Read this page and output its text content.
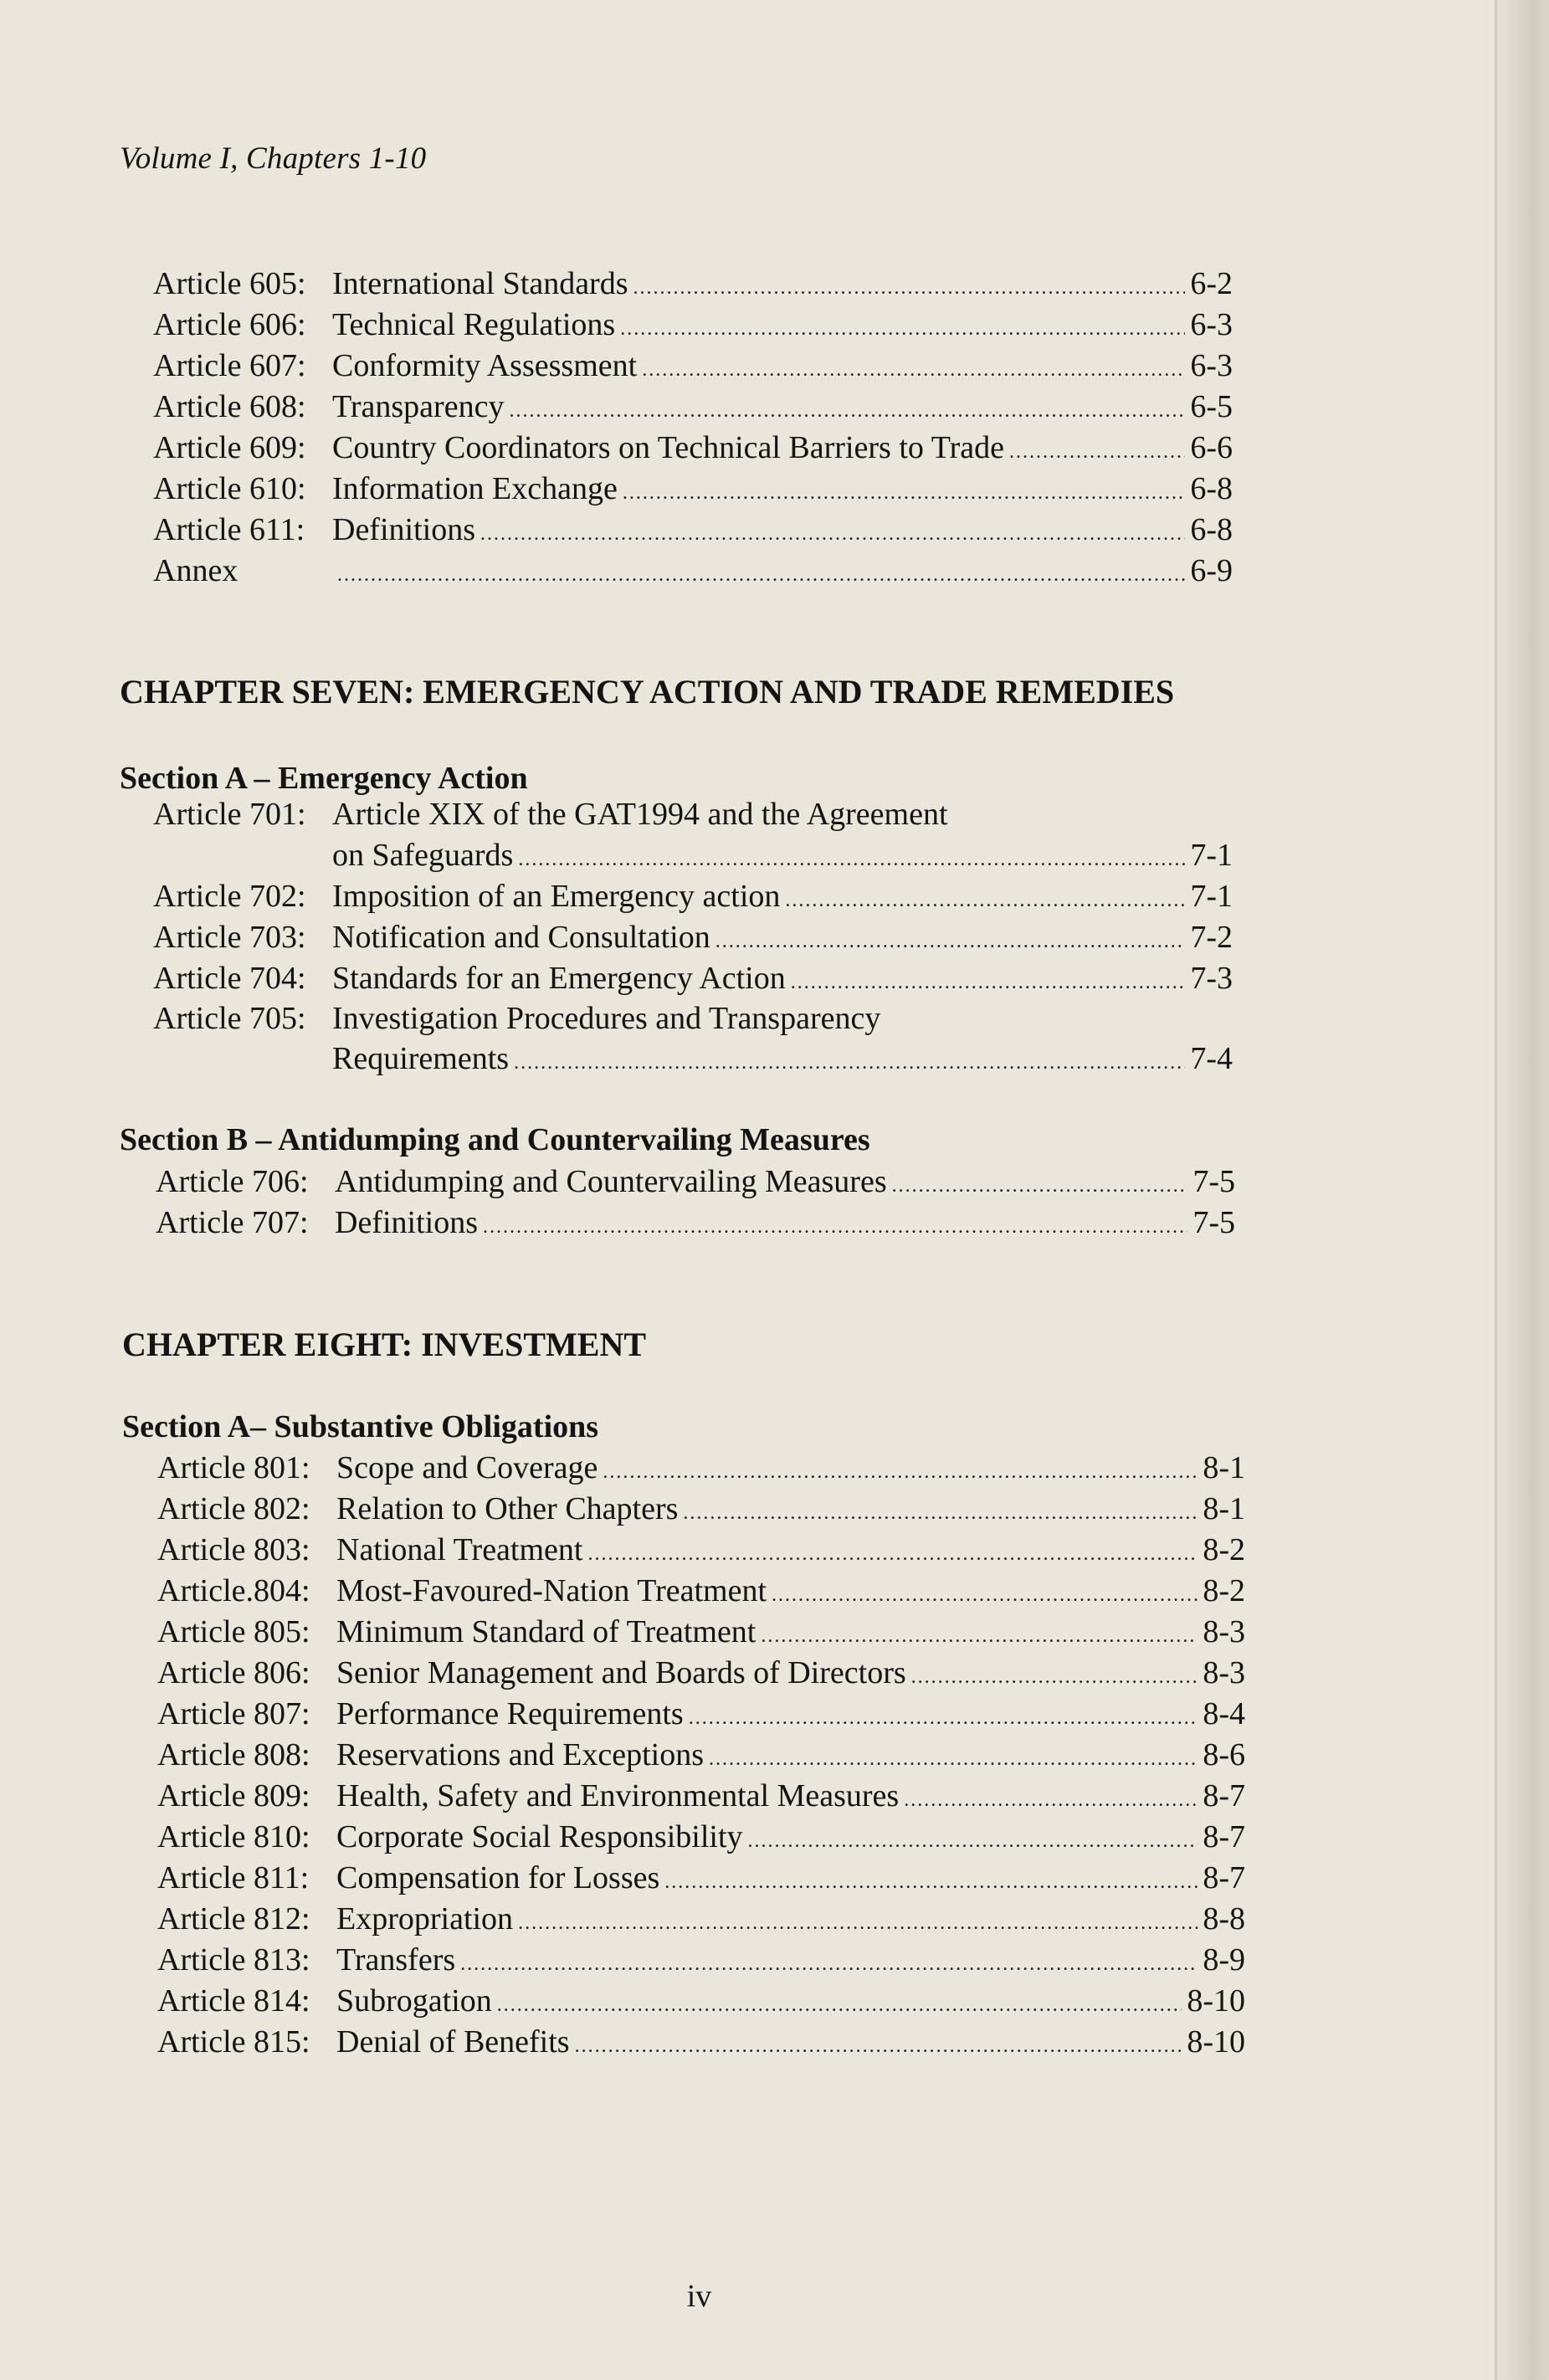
Volume I, Chapters 1-10
Article 605: International Standards .....	6-2
Article 606: Technical Regulations .....	6-3
Article 607: Conformity Assessment .....	6-3
Article 608: Transparency .....	6-5
Article 609: Country Coordinators on Technical Barriers to Trade .....	6-6
Article 610: Information Exchange .....	6-8
Article 611: Definitions .....	6-8
Annex .....	6-9
CHAPTER SEVEN: EMERGENCY ACTION AND TRADE REMEDIES
Section A – Emergency Action
Article 701: Article XIX of the GAT1994 and the Agreement
on Safeguards .....	7-1
Article 702: Imposition of an Emergency action .....	7-1
Article 703: Notification and Consultation .....	7-2
Article 704: Standards for an Emergency Action .....	7-3
Article 705: Investigation Procedures and Transparency
Requirements .....	7-4
Section B – Antidumping and Countervailing Measures
Article 706: Antidumping and Countervailing Measures .....	7-5
Article 707: Definitions .....	7-5
CHAPTER EIGHT: INVESTMENT
Section A– Substantive Obligations
Article 801: Scope and Coverage .....	8-1
Article 802: Relation to Other Chapters .....	8-1
Article 803: National Treatment .....	8-2
Article.804: Most-Favoured-Nation Treatment .....	8-2
Article 805: Minimum Standard of Treatment .....	8-3
Article 806: Senior Management and Boards of Directors .....	8-3
Article 807: Performance Requirements .....	8-4
Article 808: Reservations and Exceptions .....	8-6
Article 809: Health, Safety and Environmental Measures .....	8-7
Article 810: Corporate Social Responsibility .....	8-7
Article 811: Compensation for Losses .....	8-7
Article 812: Expropriation .....	8-8
Article 813: Transfers .....	8-9
Article 814: Subrogation .....	8-10
Article 815: Denial of Benefits .....	8-10
iv
